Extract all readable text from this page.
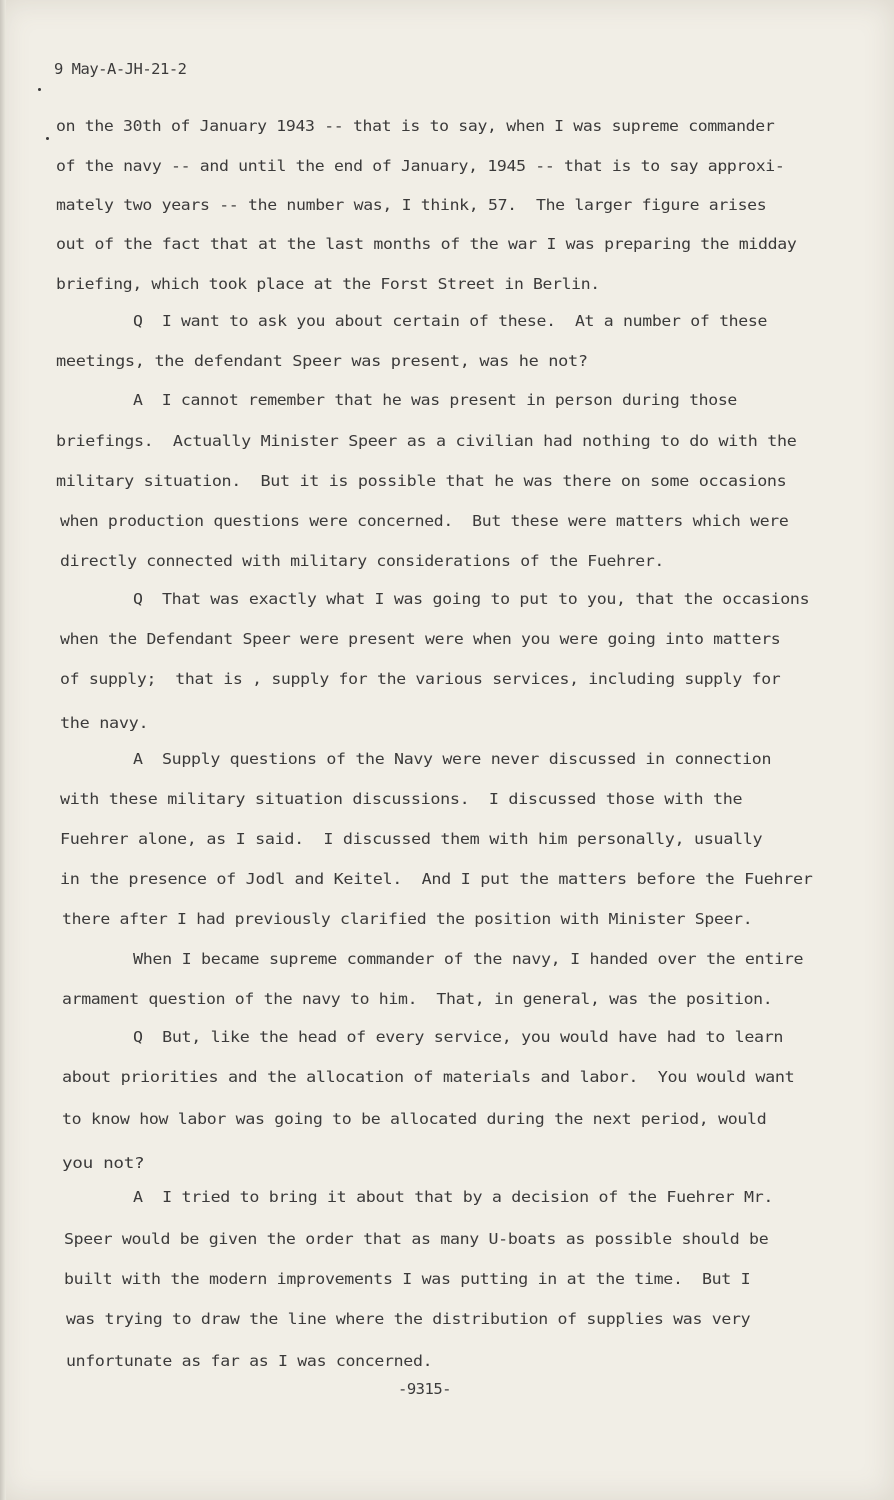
9 May-A-JH-21-2
on the 30th of January 1943 -- that is to say, when I was supreme commander
of the navy -- and until the end of January, 1945 -- that is to say approxi-
mately two years -- the number was, I think, 57.  The larger figure arises
out of the fact that at the last months of the war I was preparing the midday
briefing, which took place at the Forst Street in Berlin.
Q  I want to ask you about certain of these.  At a number of these
meetings, the defendant Speer was present, was he not?
A  I cannot remember that he was present in person during those
briefings.  Actually Minister Speer as a civilian had nothing to do with the
military situation.  But it is possible that he was there on some occasions
when production questions were concerned.  But these were matters which were
directly connected with military considerations of the Fuehrer.
Q  That was exactly what I was going to put to you, that the occasions
when the Defendant Speer were present were when you were going into matters
of supply;  that is , supply for the various services, including supply for
the navy.
A  Supply questions of the Navy were never discussed in connection
with these military situation discussions.  I discussed those with the
Fuehrer alone, as I said.  I discussed them with him personally, usually
in the presence of Jodl and Keitel.  And I put the matters before the Fuehrer
there after I had previously clarified the position with Minister Speer.
When I became supreme commander of the navy, I handed over the entire
armament question of the navy to him.  That, in general, was the position.
Q  But, like the head of every service, you would have had to learn
about priorities and the allocation of materials and labor.  You would want
to know how labor was going to be allocated during the next period, would
you not?
A  I tried to bring it about that by a decision of the Fuehrer Mr.
Speer would be given the order that as many U-boats as possible should be
built with the modern improvements I was putting in at the time.  But I
was trying to draw the line where the distribution of supplies was very
unfortunate as far as I was concerned.
-9315-
